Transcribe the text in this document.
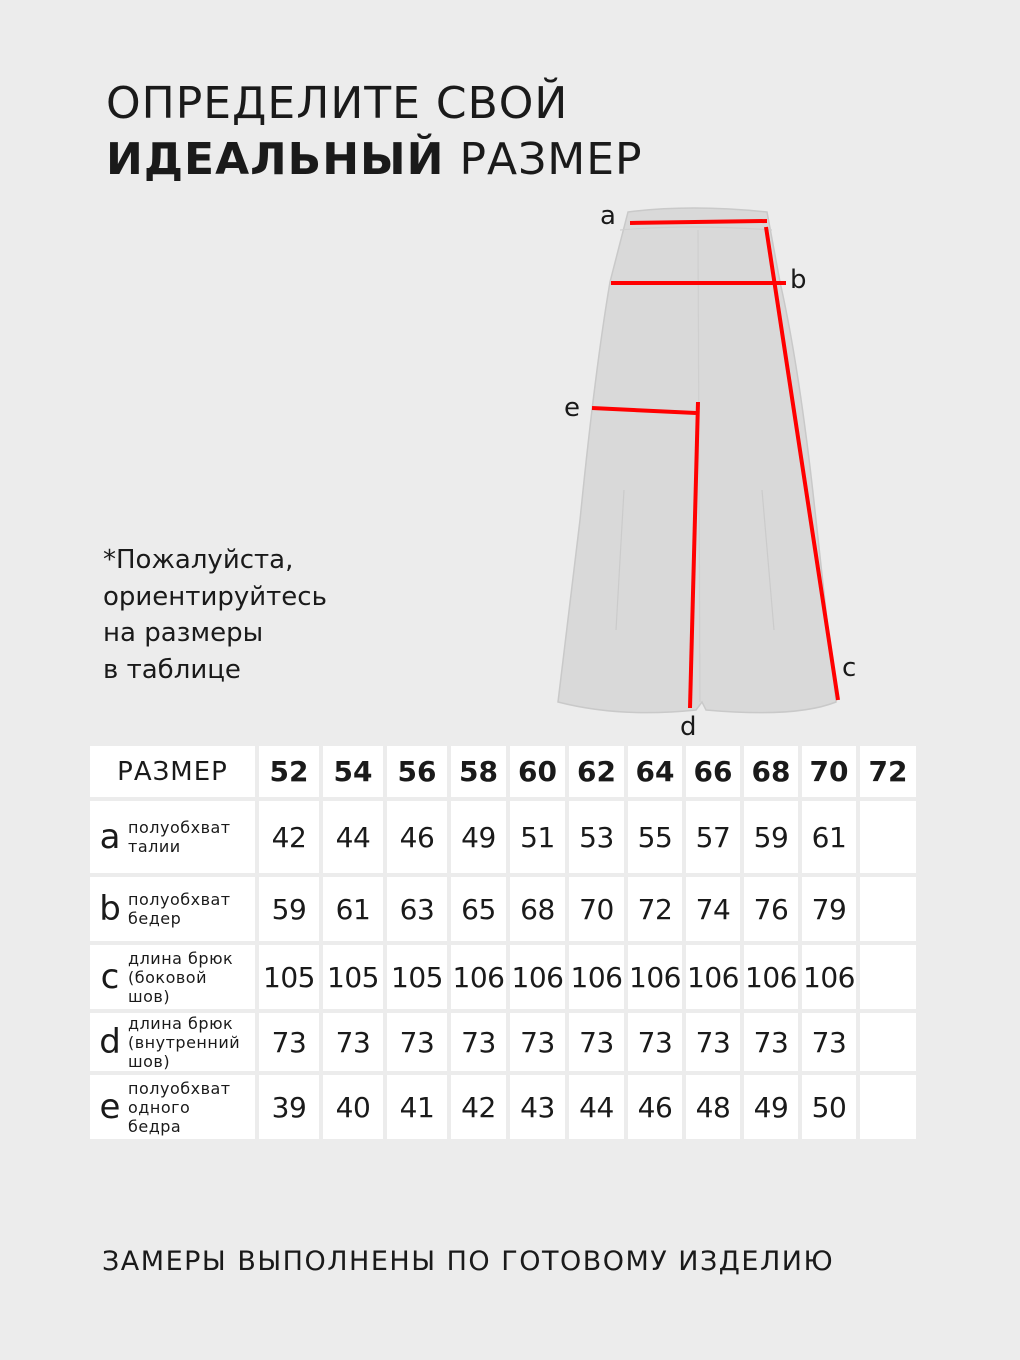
ОПРЕДЕЛИТЕ СВОЙ
ИДЕАЛЬНЫЙ РАЗМЕР

*Пожалуйста,
ориентируйтесь
на размеры
в таблице

a
b
c
d
e
РАЗМЕР	52	54	56	58	60	62	64	66	68	70	72

a полуобхват
талии	42	44	46	49	51	53	55	57	59	61	

b полуобхват
бедер	59	61	63	65	68	70	72	74	76	79	

c длина брюк
(боковой
шов)	105	105	105	106	106	106	106	106	106	106	

d длина брюк
(внутренний
шов)	73	73	73	73	73	73	73	73	73	73	

e полуобхват
одного
бедра	39	40	41	42	43	44	46	48	49	50	

ЗАМЕРЫ ВЫПОЛНЕНЫ ПО ГОТОВОМУ ИЗДЕЛИЮ
